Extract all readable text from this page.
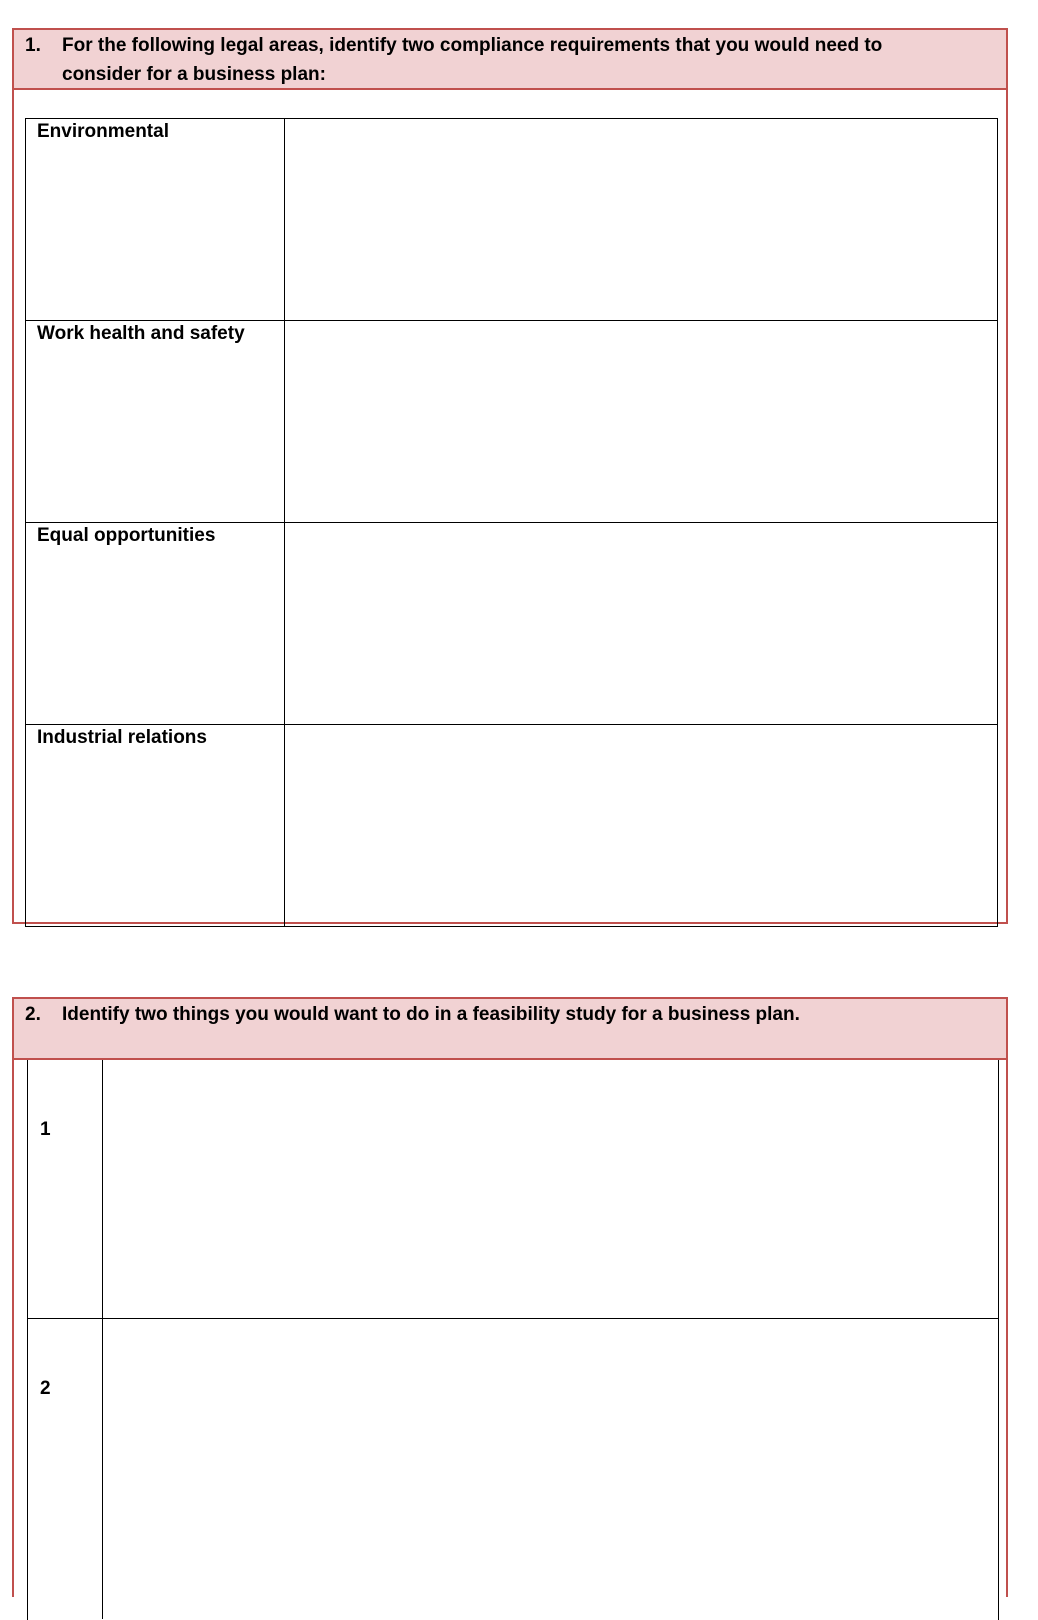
1. For the following legal areas, identify two compliance requirements that you would need to consider for a business plan:
Environmental
Work health and safety
Equal opportunities
Industrial relations
2. Identify two things you would want to do in a feasibility study for a business plan.
1
2
